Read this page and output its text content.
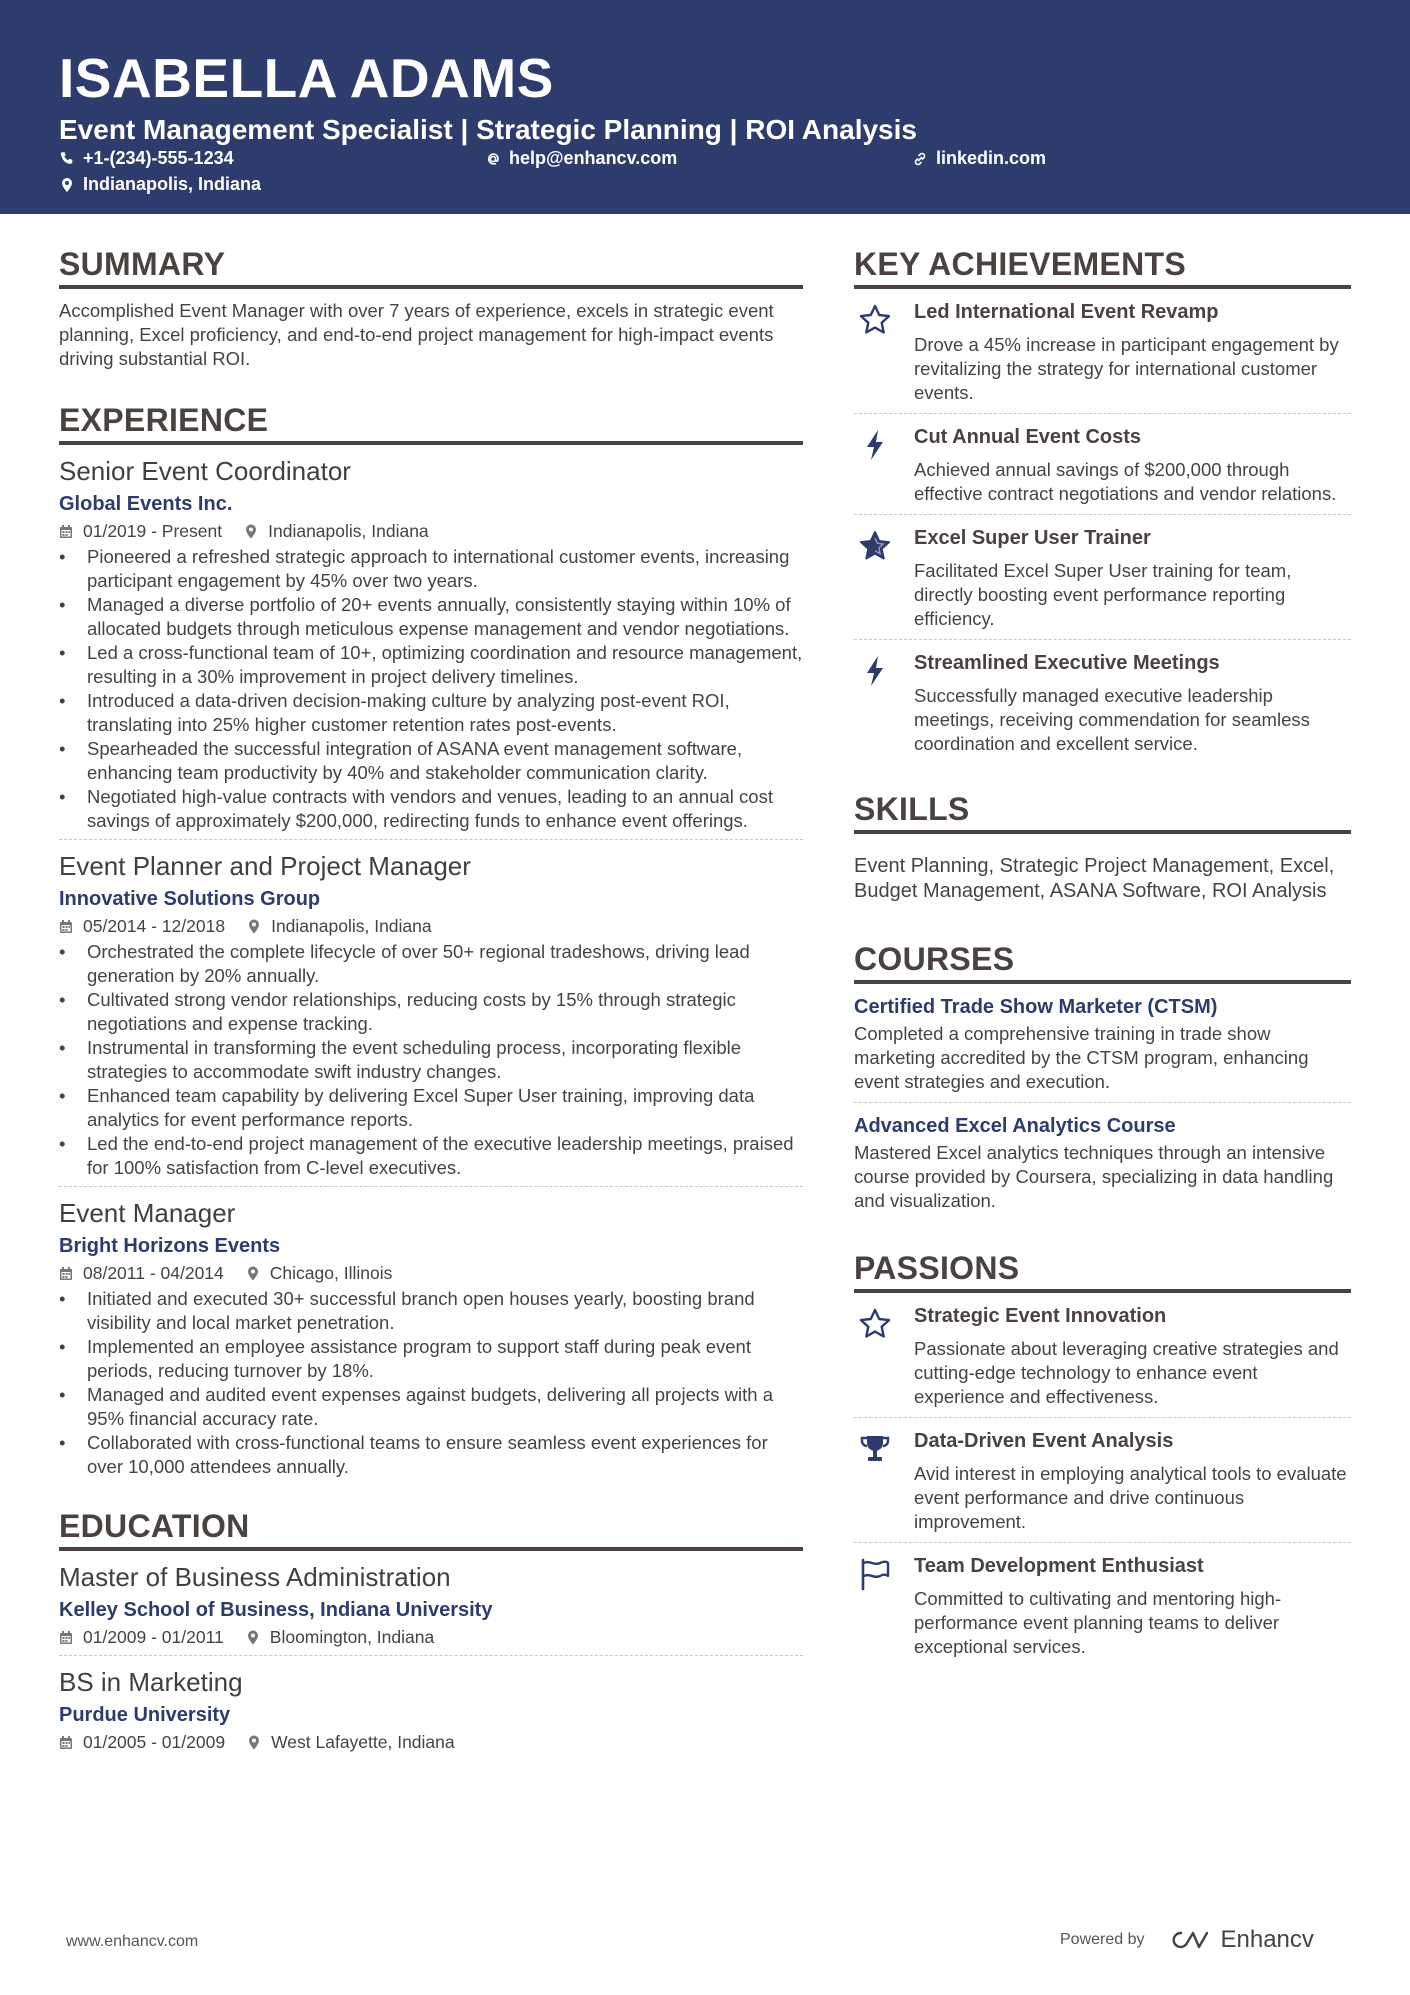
ISABELLA ADAMS
Event Management Specialist | Strategic Planning | ROI Analysis
+1-(234)-555-1234	help@enhancv.com	linkedin.com
Indianapolis, Indiana
SUMMARY
Accomplished Event Manager with over 7 years of experience, excels in strategic event planning, Excel proficiency, and end-to-end project management for high-impact events driving substantial ROI.
EXPERIENCE
Senior Event Coordinator
Global Events Inc.
01/2019 - Present	Indianapolis, Indiana
• Pioneered a refreshed strategic approach to international customer events, increasing participant engagement by 45% over two years.
• Managed a diverse portfolio of 20+ events annually, consistently staying within 10% of allocated budgets through meticulous expense management and vendor negotiations.
• Led a cross-functional team of 10+, optimizing coordination and resource management, resulting in a 30% improvement in project delivery timelines.
• Introduced a data-driven decision-making culture by analyzing post-event ROI, translating into 25% higher customer retention rates post-events.
• Spearheaded the successful integration of ASANA event management software, enhancing team productivity by 40% and stakeholder communication clarity.
• Negotiated high-value contracts with vendors and venues, leading to an annual cost savings of approximately $200,000, redirecting funds to enhance event offerings.
Event Planner and Project Manager
Innovative Solutions Group
05/2014 - 12/2018	Indianapolis, Indiana
• Orchestrated the complete lifecycle of over 50+ regional tradeshows, driving lead generation by 20% annually.
• Cultivated strong vendor relationships, reducing costs by 15% through strategic negotiations and expense tracking.
• Instrumental in transforming the event scheduling process, incorporating flexible strategies to accommodate swift industry changes.
• Enhanced team capability by delivering Excel Super User training, improving data analytics for event performance reports.
• Led the end-to-end project management of the executive leadership meetings, praised for 100% satisfaction from C-level executives.
Event Manager
Bright Horizons Events
08/2011 - 04/2014	Chicago, Illinois
• Initiated and executed 30+ successful branch open houses yearly, boosting brand visibility and local market penetration.
• Implemented an employee assistance program to support staff during peak event periods, reducing turnover by 18%.
• Managed and audited event expenses against budgets, delivering all projects with a 95% financial accuracy rate.
• Collaborated with cross-functional teams to ensure seamless event experiences for over 10,000 attendees annually.
EDUCATION
Master of Business Administration
Kelley School of Business, Indiana University
01/2009 - 01/2011	Bloomington, Indiana
BS in Marketing
Purdue University
01/2005 - 01/2009	West Lafayette, Indiana
KEY ACHIEVEMENTS
Led International Event Revamp
Drove a 45% increase in participant engagement by revitalizing the strategy for international customer events.
Cut Annual Event Costs
Achieved annual savings of $200,000 through effective contract negotiations and vendor relations.
Excel Super User Trainer
Facilitated Excel Super User training for team, directly boosting event performance reporting efficiency.
Streamlined Executive Meetings
Successfully managed executive leadership meetings, receiving commendation for seamless coordination and excellent service.
SKILLS
Event Planning, Strategic Project Management, Excel, Budget Management, ASANA Software, ROI Analysis
COURSES
Certified Trade Show Marketer (CTSM)
Completed a comprehensive training in trade show marketing accredited by the CTSM program, enhancing event strategies and execution.
Advanced Excel Analytics Course
Mastered Excel analytics techniques through an intensive course provided by Coursera, specializing in data handling and visualization.
PASSIONS
Strategic Event Innovation
Passionate about leveraging creative strategies and cutting-edge technology to enhance event experience and effectiveness.
Data-Driven Event Analysis
Avid interest in employing analytical tools to evaluate event performance and drive continuous improvement.
Team Development Enthusiast
Committed to cultivating and mentoring high-performance event planning teams to deliver exceptional services.
www.enhancv.com	Powered by	Enhancv
